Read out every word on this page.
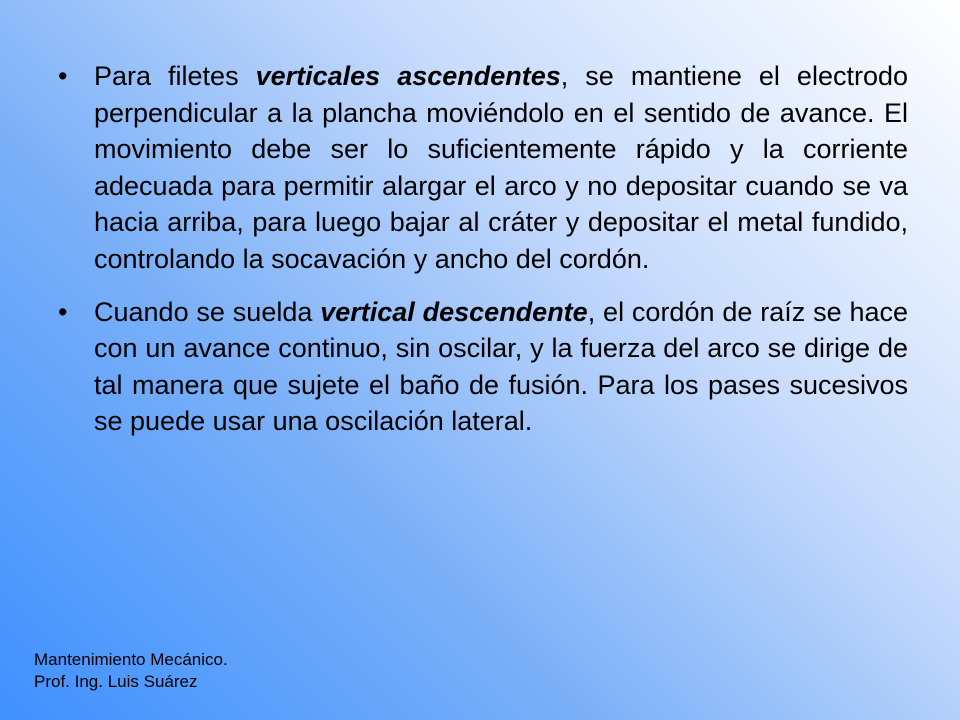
• Para filetes verticales ascendentes, se mantiene el electrodo perpendicular a la plancha moviéndolo en el sentido de avance. El movimiento debe ser lo suficientemente rápido y la corriente adecuada para permitir alargar el arco y no depositar cuando se va hacia arriba, para luego bajar al cráter y depositar el metal fundido, controlando la socavación y ancho del cordón.

• Cuando se suelda vertical descendente, el cordón de raíz se hace con un avance continuo, sin oscilar, y la fuerza del arco se dirige de tal manera que sujete el baño de fusión. Para los pases sucesivos se puede usar una oscilación lateral.

Mantenimiento Mecánico.
Prof. Ing. Luis Suárez
